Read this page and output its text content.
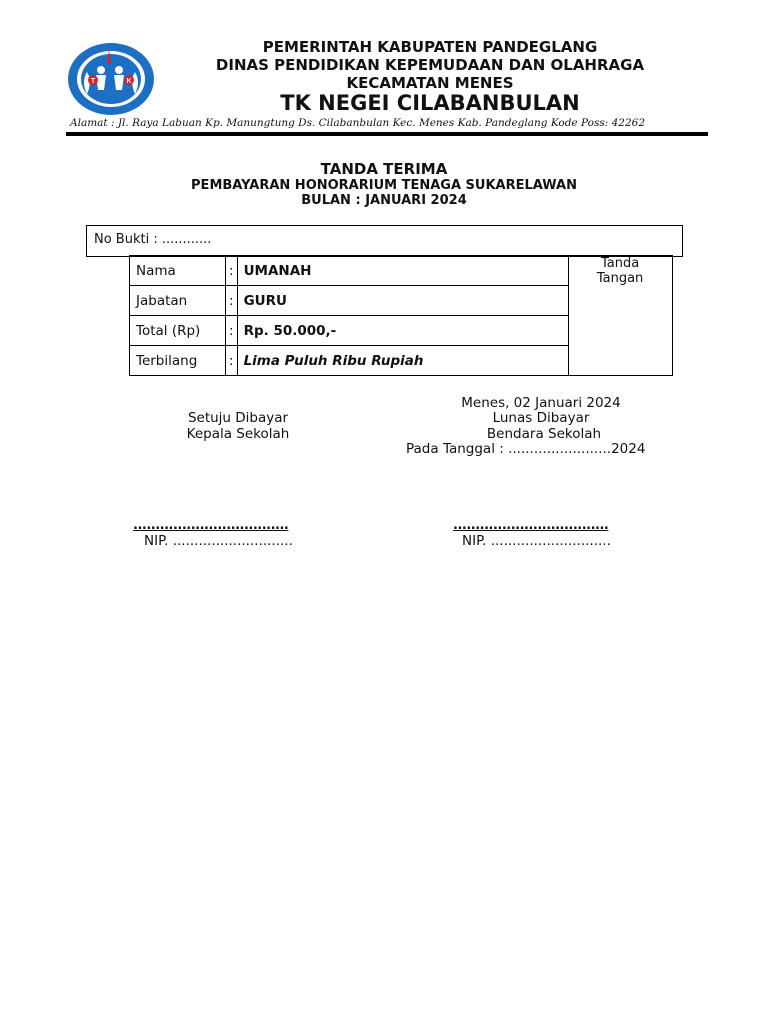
T	K
PEMERINTAH KABUPATEN PANDEGLANG
DINAS PENDIDIKAN KEPEMUDAAN DAN OLAHRAGA
KECAMATAN MENES
TK NEGEI CILABANBULAN
Alamat : Jl. Raya Labuan Kp. Manungtung Ds. Cilabanbulan Kec. Menes Kab. Pandeglang Kode Poss: 42262
TANDA TERIMA
PEMBAYARAN HONORARIUM TENAGA SUKARELAWAN
BULAN : JANUARI 2024
No Bukti : ............
Nama	:	UMANAH	Tanda Tangan
Jabatan	:	GURU	
Total (Rp)	:	Rp. 50.000,-	
Terbilang	:	Lima Puluh Ribu Rupiah	
Menes, 02 Januari 2024
Lunas Dibayar
Bendara Sekolah
Pada Tanggal : ........................2024
Setuju Dibayar
Kepala Sekolah
...................................
NIP. ............................
...................................
NIP. ............................
